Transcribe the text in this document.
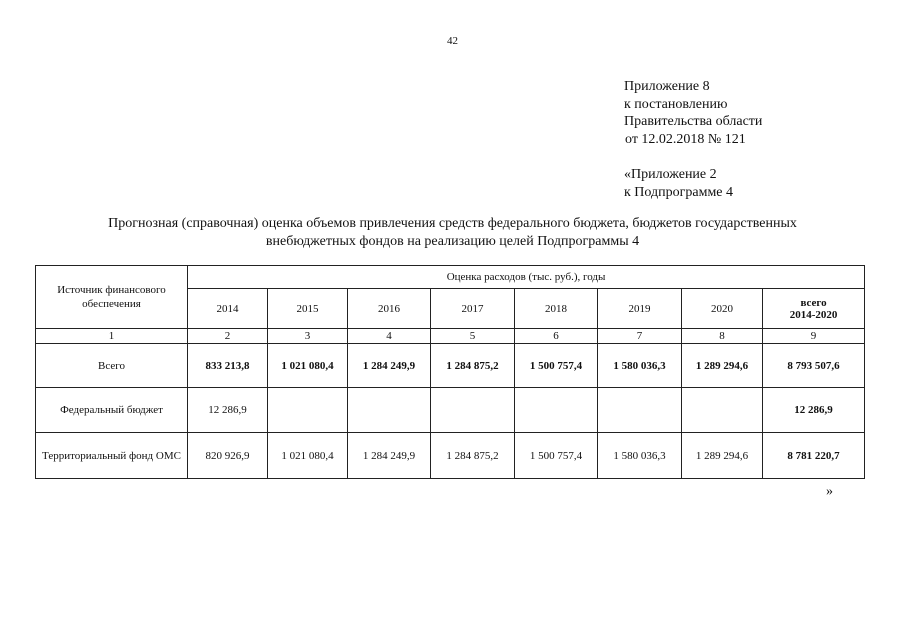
42
Приложение 8
к постановлению
Правительства области
от 12.02.2018 № 121
«Приложение 2
к Подпрограмме 4
Прогнозная (справочная) оценка объемов привлечения средств федерального бюджета, бюджетов государственных
внебюджетных фондов на реализацию целей Подпрограммы 4
Источник финансового обеспечения	Оценка расходов (тыс. руб.), годы							
	2014	2015	2016	2017	2018	2019	2020	всего
2014-2020

1	2	3	4	5	6	7	8	9
Всего	833 213,8	1 021 080,4	1 284 249,9	1 284 875,2	1 500 757,4	1 580 036,3	1 289 294,6	8 793 507,6
Федеральный бюджет	12 286,9							12 286,9
Территориальный фонд ОМС	820 926,9	1 021 080,4	1 284 249,9	1 284 875,2	1 500 757,4	1 580 036,3	1 289 294,6	8 781 220,7
»
